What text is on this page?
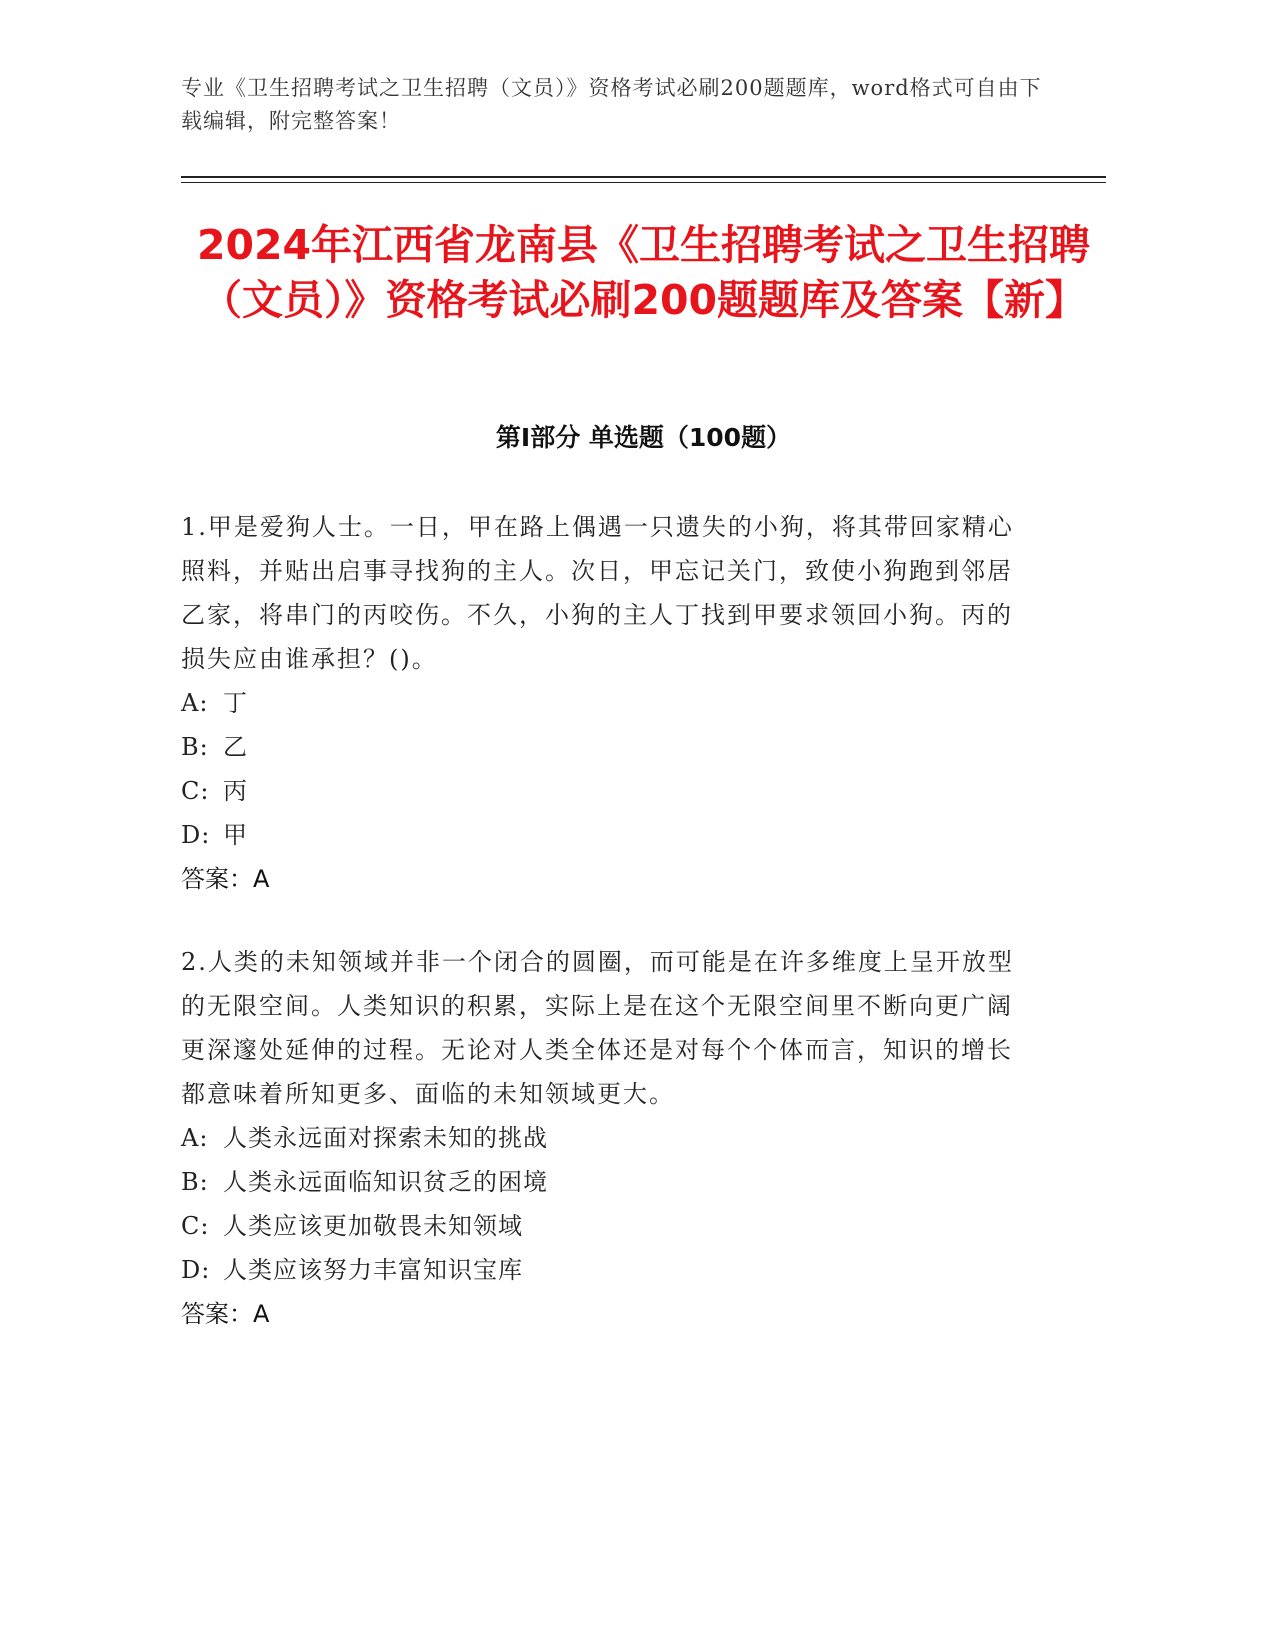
专业《卫生招聘考试之卫生招聘（文员）》资格考试必刷200题题库，word格式可自由下载编辑，附完整答案！
2024年江西省龙南县《卫生招聘考试之卫生招聘（文员）》资格考试必刷200题题库及答案【新】
第I部分 单选题（100题）

1.甲是爱狗人士。一日，甲在路上偶遇一只遗失的小狗，将其带回家精心照料，并贴出启事寻找狗的主人。次日，甲忘记关门，致使小狗跑到邻居乙家，将串门的丙咬伤。不久，小狗的主人丁找到甲要求领回小狗。丙的损失应由谁承担？()。

A: 丁
B: 乙
C: 丙
D: 甲
答案：A

2.人类的未知领域并非一个闭合的圆圈，而可能是在许多维度上呈开放型的无限空间。人类知识的积累，实际上是在这个无限空间里不断向更广阔更深邃处延伸的过程。无论对人类全体还是对每个个体而言，知识的增长都意味着所知更多、面临的未知领域更大。

A: 人类永远面对探索未知的挑战
B: 人类永远面临知识贫乏的困境
C: 人类应该更加敬畏未知领域
D: 人类应该努力丰富知识宝库
答案：A
